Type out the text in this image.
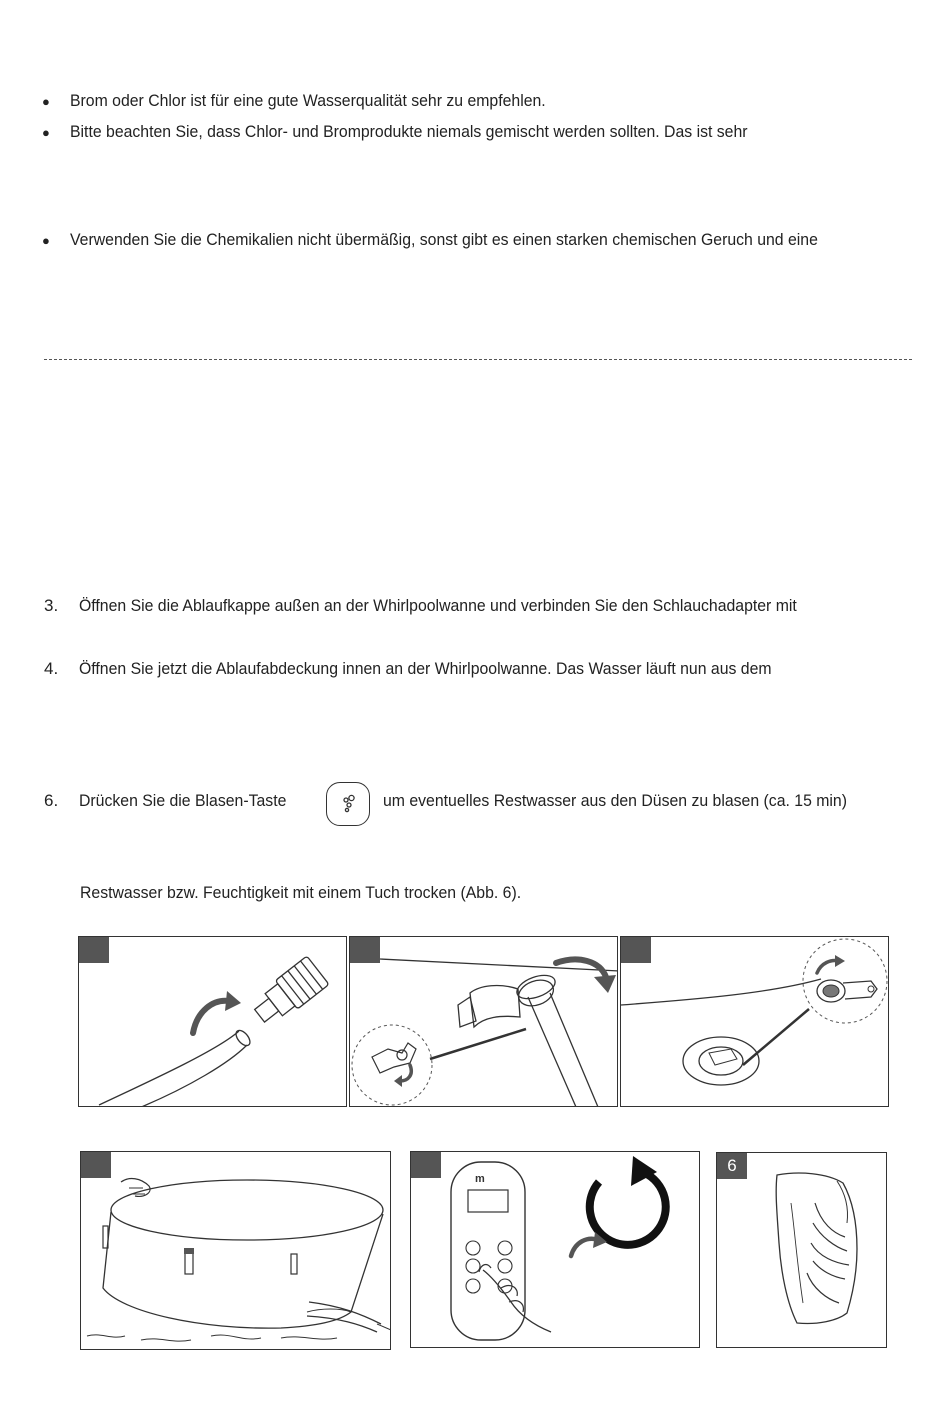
● Brom oder Chlor ist für eine gute Wasserqualität sehr zu empfehlen.
● Bitte beachten Sie, dass Chlor- und Bromprodukte niemals gemischt werden sollten. Das ist sehr
● Verwenden Sie die Chemikalien nicht übermäßig, sonst gibt es einen starken chemischen Geruch und eine
3. Öffnen Sie die Ablaufkappe außen an der Whirlpoolwanne und verbinden Sie den Schlauchadapter mit
4. Öffnen Sie jetzt die Ablaufabdeckung innen an der Whirlpoolwanne. Das Wasser läuft nun aus dem
6. Drücken Sie die Blasen-Taste	um eventuelles Restwasser aus den Düsen zu blasen (ca. 15 min)
Restwasser bzw. Feuchtigkeit mit einem Tuch trocken (Abb. 6).
m
6
